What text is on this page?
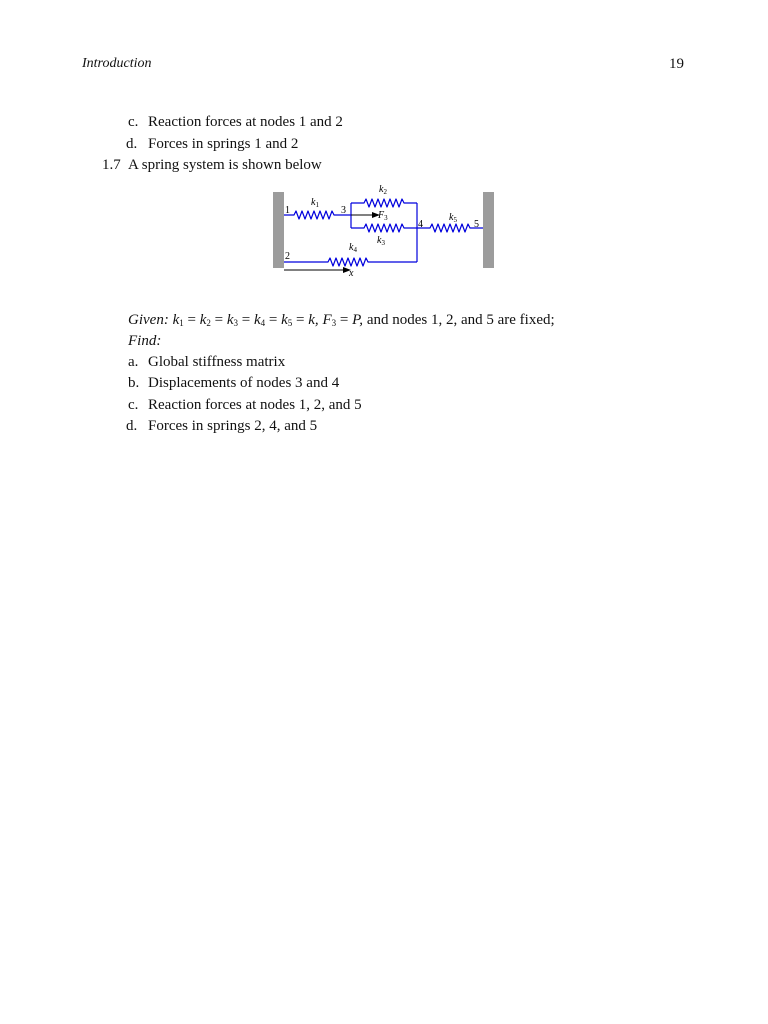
Introduction	19
c. Reaction forces at nodes 1 and 2
d. Forces in springs 1 and 2
1.7 A spring system is shown below
1
2
3
4	5
$k_1$
$k_2$
$k_3$
$k_4$
$k_5$
$F_3$
x
Given: $k_1 = k_2 = k_3 = k_4 = k_5 = k$, $F_3 = P$, and nodes 1, 2, and 5 are fixed;
Find:
a. Global stiffness matrix
b. Displacements of nodes 3 and 4
c. Reaction forces at nodes 1, 2, and 5
d. Forces in springs 2, 4, and 5
